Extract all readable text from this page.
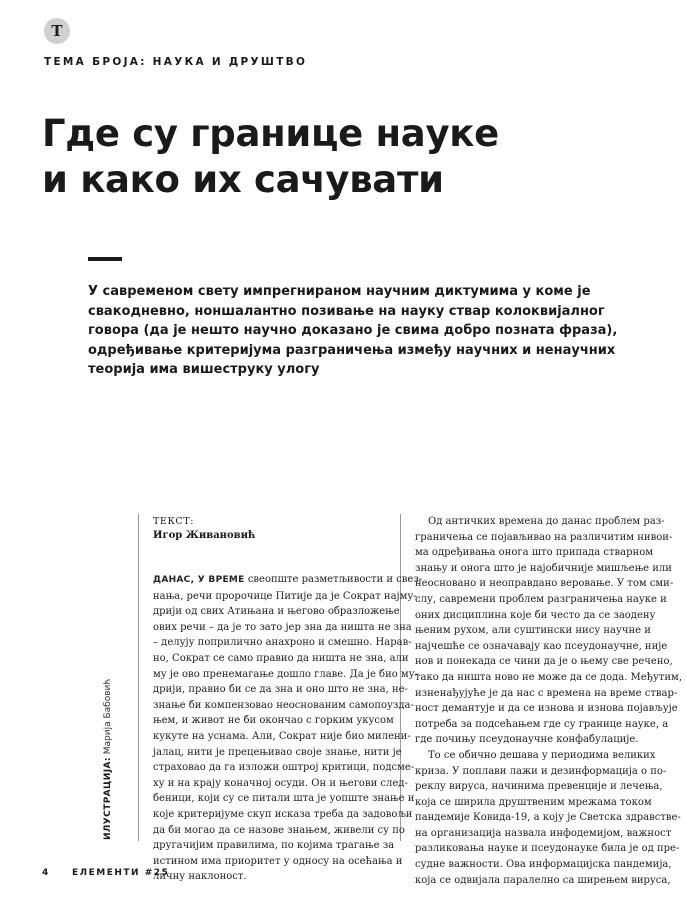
T
ТЕМА БРОЈА: НАУКА И ДРУШТВО
Где су границе науке
и како их сачувати
У савременом свету импрегнираном научним диктумима у коме је
свакодневно, ноншалантно позивање на науку ствар колоквијалног
говора (да је нешто научно доказано је свима добро позната фраза),
одређивање критеријума разграничења између научних и ненаучних
теорија има вишеструку улогу
ИЛУСТРАЦИЈА: Марија Бабовић
ТЕКСТ:
Игор Живановић
ДАНАС, У ВРЕМЕ свеопште разметљивости и свез-
нања, речи пророчице Питије да је Сократ најму-
дрији од свих Атињана и његово образложење
ових речи – да је то зато јер зна да ништа не зна
– делују поприлично анахроно и смешно. Нарав-
но, Сократ се само правио да ништа не зна, али
му је ово пренемагање дошло главе. Да је био му-
дрији, правио би се да зна и оно што не зна, не-
знање би компензовао неоснованим самопоузда-
њем, и живот не би окончао с горким укусом
кукуте на уснама. Али, Сократ није био милени-
јалац, нити је прецењивао своје знање, нити је
страховао да га изложи оштрој критици, подсме-
ху и на крају коначној осуди. Он и његови след-
беници, који су се питали шта је уопште знање и
које критеријуме скуп исказа треба да задовољи
да би могао да се назове знањем, живели су по
другачијим правилима, по којима трагање за
истином има приоритет у односу на осећања и
личну наклоност.
Од античких времена до данас проблем раз-
граничења се појављивао на различитим нивои-
ма одређивања онога што припада стварном
знању и онога што је најобичније мишљење или
неосновано и неоправдано веровање. У том сми-
слу, савремени проблем разграничења науке и
оних дисциплина које би често да се заодену
њеним рухом, али суштински нису научне и
најчешће се означавају као псеудонаучне, није
нов и понекада се чини да је о њему све речено,
тако да ништа ново не може да се дода. Међутим,
изненађујуће је да нас с времена на време ствар-
ност демантује и да се изнова и изнова појављује
потреба за подсећањем где су границе науке, а
где почињу псеудонаучне конфабулације.
То се обично дешава у периодима великих
криза. У поплави лажи и дезинформација о по-
реклу вируса, начинима превенције и лечења,
која се ширила друштвеним мрежама током
пандемије Ковида-19, а коју је Светска здравстве-
на организација назвала инфодемијом, важност
разликовања науке и псеудонауке била је од пре-
судне важности. Ова информацијска пандемија,
која се одвијала паралелно са ширењем вируса,
4 ЕЛЕМЕНТИ #25
